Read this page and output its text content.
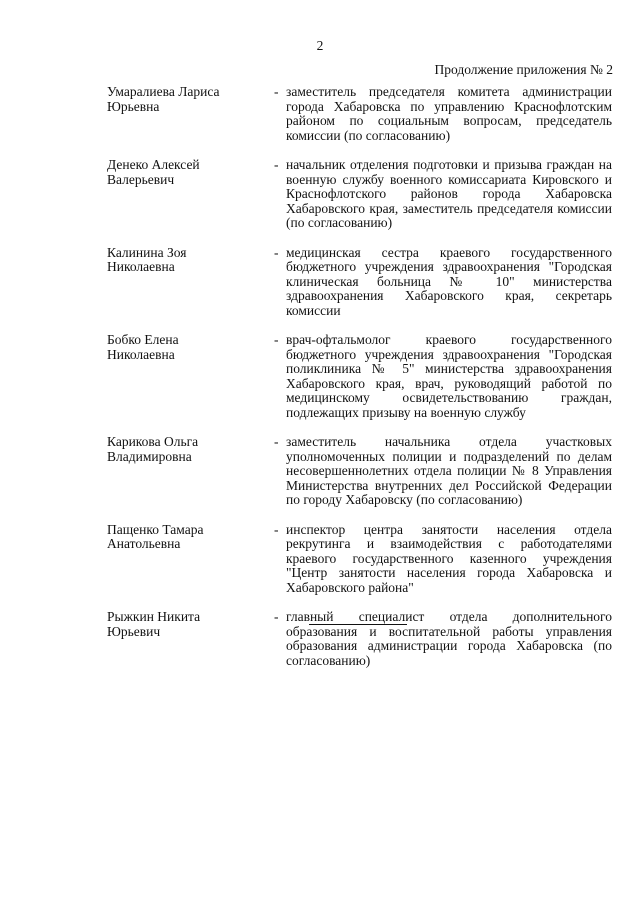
2
Продолжение приложения № 2
Умаралиева Лариса
Юрьевна
- заместитель председателя комитета администрации города Хабаровска по управлению Краснофлотским районом по социальным вопросам, председатель комиссии (по согласованию)
Денеко Алексей
Валерьевич
- начальник отделения подготовки и призыва граждан на военную службу военного комиссариата Кировского и Краснофлотского районов города Хабаровска Хабаровского края, заместитель председателя комиссии (по согласованию)
Калинина Зоя
Николаевна
- медицинская сестра краевого государственного бюджетного учреждения здравоохранения "Городская клиническая больница № 10" министерства здравоохранения Хабаровского края, секретарь комиссии
Бобко Елена
Николаевна
- врач-офтальмолог краевого государственного бюджетного учреждения здравоохранения "Городская поликлиника № 5" министерства здравоохранения Хабаровского края, врач, руководящий работой по медицинскому освидетельствованию граждан, подлежащих призыву на военную службу
Карикова Ольга
Владимировна
- заместитель начальника отдела участковых уполномоченных полиции и подразделений по делам несовершеннолетних отдела полиции № 8 Управления Министерства внутренних дел Российской Федерации по городу Хабаровску (по согласованию)
Пащенко Тамара
Анатольевна
- инспектор центра занятости населения отдела рекрутинга и взаимодействия с работодателями краевого государственного казенного учреждения "Центр занятости населения города Хабаровска и Хабаровского района"
Рыжкин Никита
Юрьевич
- главный специалист отдела дополнительного образования и воспитательной работы управления образования администрации города Хабаровска (по согласованию)
